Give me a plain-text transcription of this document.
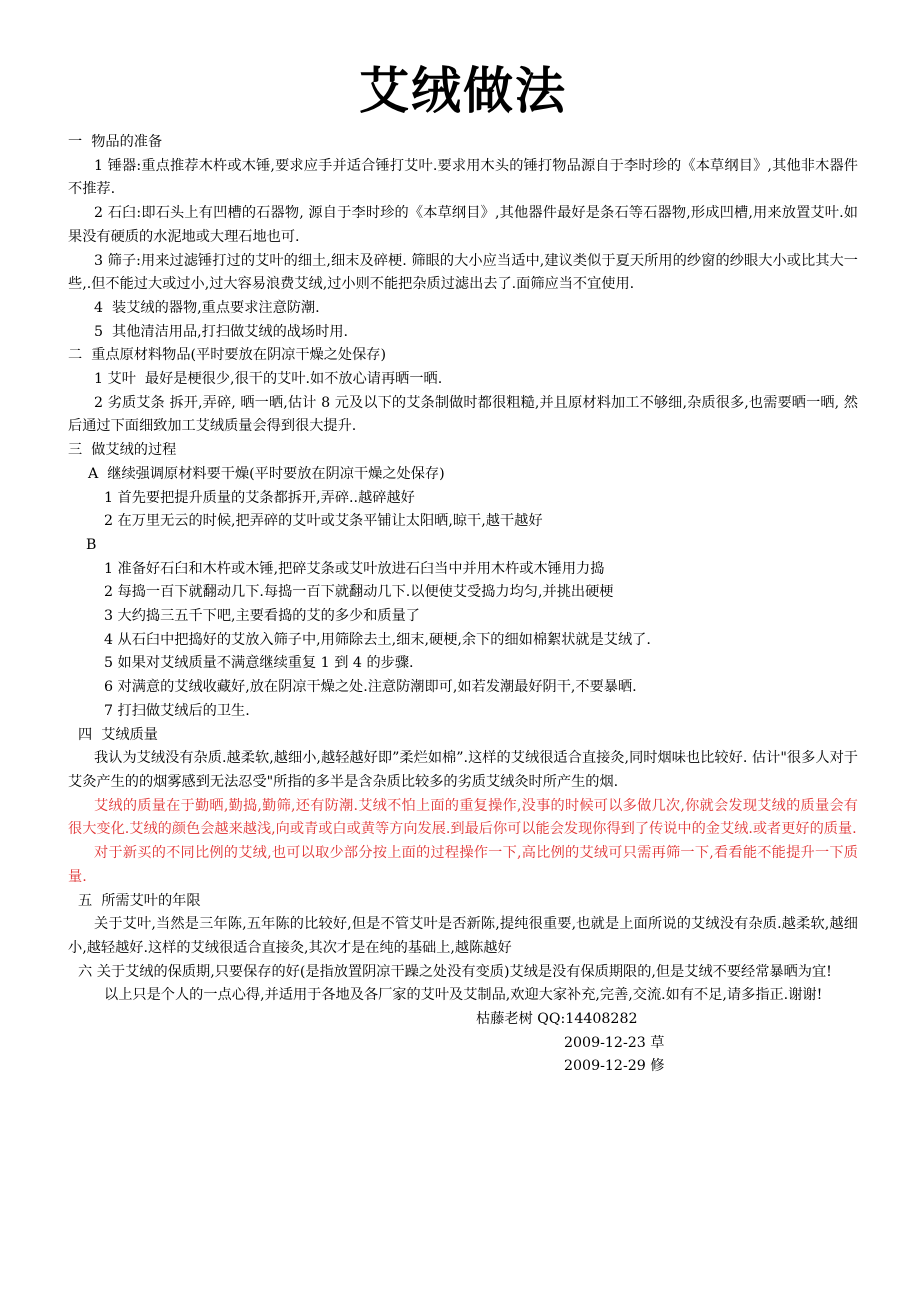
艾绒做法

一  物品的准备

1 锤器:重点推荐木杵或木锤,要求应手并适合锤打艾叶.要求用木头的锤打物品源自于李时珍的《本草纲目》,其他非木器件不推荐.

2 石臼:即石头上有凹槽的石器物, 源自于李时珍的《本草纲目》,其他器件最好是条石等石器物,形成凹槽,用来放置艾叶.如果没有硬质的水泥地或大理石地也可.

3 筛子:用来过滤锤打过的艾叶的细土,细末及碎梗. 筛眼的大小应当适中,建议类似于夏天所用的纱窗的纱眼大小或比其大一些,.但不能过大或过小,过大容易浪费艾绒,过小则不能把杂质过滤出去了.面筛应当不宜使用.

4  装艾绒的器物,重点要求注意防潮.

5  其他清洁用品,打扫做艾绒的战场时用.

二  重点原材料物品(平时要放在阴凉干燥之处保存)

1 艾叶  最好是梗很少,很干的艾叶.如不放心请再晒一晒.

2 劣质艾条 拆开,弄碎, 晒一晒,估计 8 元及以下的艾条制做时都很粗糙,并且原材料加工不够细,杂质很多,也需要晒一晒, 然后通过下面细致加工艾绒质量会得到很大提升.

三  做艾绒的过程

A  继续强调原材料要干燥(平时要放在阴凉干燥之处保存)

1 首先要把提升质量的艾条都拆开,弄碎..越碎越好

2 在万里无云的时候,把弄碎的艾叶或艾条平铺让太阳晒,晾干,越干越好

B

1 准备好石臼和木杵或木锤,把碎艾条或艾叶放进石臼当中并用木杵或木锤用力捣

2 每捣一百下就翻动几下.每捣一百下就翻动几下.以便使艾受捣力均匀,并挑出硬梗

3 大约捣三五千下吧,主要看捣的艾的多少和质量了

4 从石臼中把捣好的艾放入筛子中,用筛除去土,细末,硬梗,余下的细如棉絮状就是艾绒了.

5 如果对艾绒质量不满意继续重复 1 到 4 的步骤.

6 对满意的艾绒收藏好,放在阴凉干燥之处.注意防潮即可,如若发潮最好阴干,不要暴晒.

7 打扫做艾绒后的卫生.

四  艾绒质量

我认为艾绒没有杂质.越柔软,越细小,越轻越好即”柔烂如棉”.这样的艾绒很适合直接灸,同时烟味也比较好. 估计"很多人对于艾灸产生的的烟雾感到无法忍受"所指的多半是含杂质比较多的劣质艾绒灸时所产生的烟.

艾绒的质量在于勤晒,勤捣,勤筛,还有防潮.艾绒不怕上面的重复操作,没事的时候可以多做几次,你就会发现艾绒的质量会有很大变化.艾绒的颜色会越来越浅,向或青或白或黄等方向发展.到最后你可以能会发现你得到了传说中的金艾绒.或者更好的质量.

对于新买的不同比例的艾绒,也可以取少部分按上面的过程操作一下,高比例的艾绒可只需再筛一下,看看能不能提升一下质量.

五  所需艾叶的年限

关于艾叶,当然是三年陈,五年陈的比较好,但是不管艾叶是否新陈,提纯很重要,也就是上面所说的艾绒没有杂质.越柔软,越细小,越轻越好.这样的艾绒很适合直接灸,其次才是在纯的基础上,越陈越好

六 关于艾绒的保质期,只要保存的好(是指放置阴凉干躁之处没有变质)艾绒是没有保质期限的,但是艾绒不要经常暴晒为宜!

以上只是个人的一点心得,并适用于各地及各厂家的艾叶及艾制品,欢迎大家补充,完善,交流.如有不足,请多指正.谢谢!

枯藤老树 QQ:14408282

2009-12-23 草

2009-12-29 修
